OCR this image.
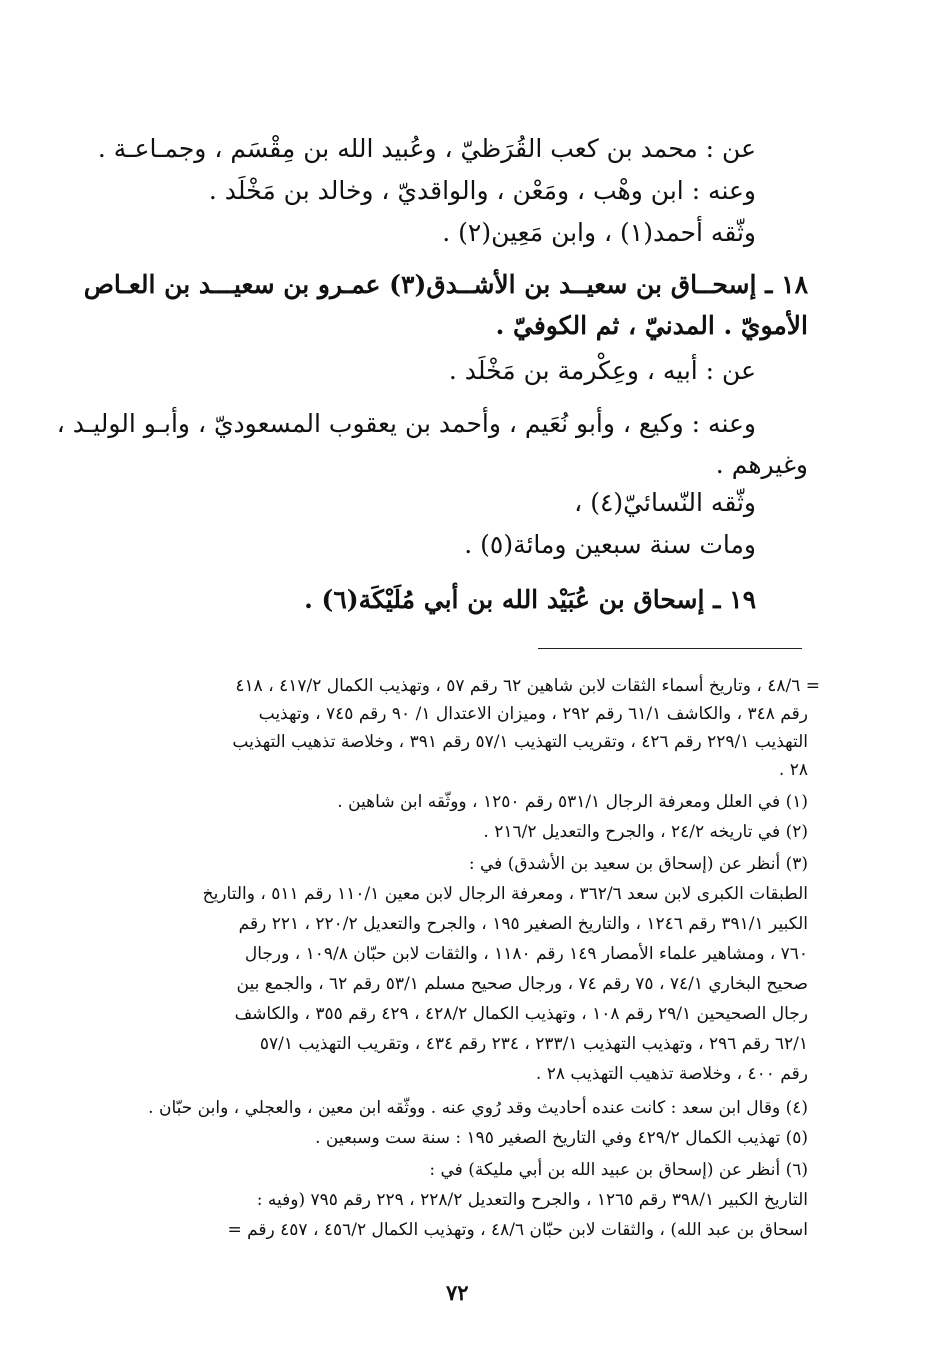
عن : محمد بن كعب القُرَظيّ ، وعُبيد الله بن مِقْسَم ، وجمـاعـة .
وعنه : ابن وهْب ، ومَعْن ، والواقديّ ، وخالد بن مَخْلَد .
وثّقه أحمد(١) ، وابن مَعِين(٢) .
١٨ ـ إسحــاق بن سعيــد بن الأشــدق(٣) عمـرو بن سعيـــد بن العـاص
الأمويّ . المدنيّ ، ثم الكوفيّ .
عن : أبيه ، وعِكْرمة بن مَخْلَد .
وعنه : وكيع ، وأبو نُعَيم ، وأحمد بن يعقوب المسعوديّ ، وأبـو الوليـد ،
وغيرهم .
وثّقه النّسائيّ(٤) ،
ومات سنة سبعين ومائة(٥) .
١٩ ـ إسحاق بن عُبَيْد الله بن أبي مُلَيْكَة(٦) .
= ٤٨/٦ ، وتاريخ أسماء الثقات لابن شاهين ٦٢ رقم ٥٧ ، وتهذيب الكمال ٤١٧/٢ ، ٤١٨
رقم ٣٤٨ ، والكاشف ٦١/١ رقم ٢٩٢ ، وميزان الاعتدال ١/ ٩٠ رقم ٧٤٥ ، وتهذيب
التهذيب ٢٢٩/١ رقم ٤٢٦ ، وتقريب التهذيب ٥٧/١ رقم ٣٩١ ، وخلاصة تذهيب التهذيب
٢٨ .
(١) في العلل ومعرفة الرجال ٥٣١/١ رقم ١٢٥٠ ، ووثّقه ابن شاهين .
(٢) في تاريخه ٢٤/٢ ، والجرح والتعديل ٢١٦/٢ .
(٣) أنظر عن (إسحاق بن سعيد بن الأشدق) في :
الطبقات الكبرى لابن سعد ٣٦٢/٦ ، ومعرفة الرجال لابن معين ١١٠/١ رقم ٥١١ ، والتاريخ
الكبير ٣٩١/١ رقم ١٢٤٦ ، والتاريخ الصغير ١٩٥ ، والجرح والتعديل ٢٢٠/٢ ، ٢٢١ رقم
٧٦٠ ، ومشاهير علماء الأمصار ١٤٩ رقم ١١٨٠ ، والثقات لابن حبّان ١٠٩/٨ ، ورجال
صحيح البخاري ٧٤/١ ، ٧٥ رقم ٧٤ ، ورجال صحيح مسلم ٥٣/١ رقم ٦٢ ، والجمع بين
رجال الصحيحين ٢٩/١ رقم ١٠٨ ، وتهذيب الكمال ٤٢٨/٢ ، ٤٢٩ رقم ٣٥٥ ، والكاشف
٦٢/١ رقم ٢٩٦ ، وتهذيب التهذيب ٢٣٣/١ ، ٢٣٤ رقم ٤٣٤ ، وتقريب التهذيب ٥٧/١
رقم ٤٠٠ ، وخلاصة تذهيب التهذيب ٢٨ .
(٤) وقال ابن سعد : كانت عنده أحاديث وقد رُوي عنه . ووثّقه ابن معين ، والعجلي ، وابن حبّان .
(٥) تهذيب الكمال ٤٢٩/٢ وفي التاريخ الصغير ١٩٥ : سنة ست وسبعين .
(٦) أنظر عن (إسحاق بن عبيد الله بن أبي مليكة) في :
التاريخ الكبير ٣٩٨/١ رقم ١٢٦٥ ، والجرح والتعديل ٢٢٨/٢ ، ٢٢٩ رقم ٧٩٥ (وفيه :
اسحاق بن عبد الله) ، والثقات لابن حبّان ٤٨/٦ ، وتهذيب الكمال ٤٥٦/٢ ، ٤٥٧ رقم =
٧٢
